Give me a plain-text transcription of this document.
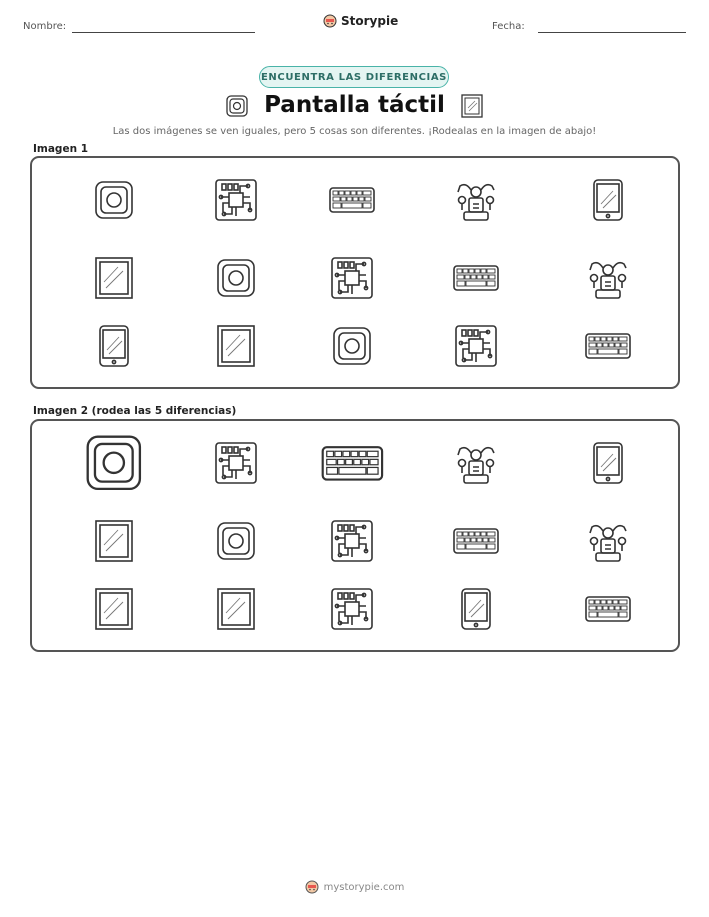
Nombre:	Storypie	Fecha:
ENCUENTRA LAS DIFERENCIAS
Pantalla táctil
Las dos imágenes se ven iguales, pero 5 cosas son diferentes. ¡Rodealas en la imagen de abajo!
Imagen 1
Imagen 2 (rodea las 5 diferencias)
mystorypie.com
